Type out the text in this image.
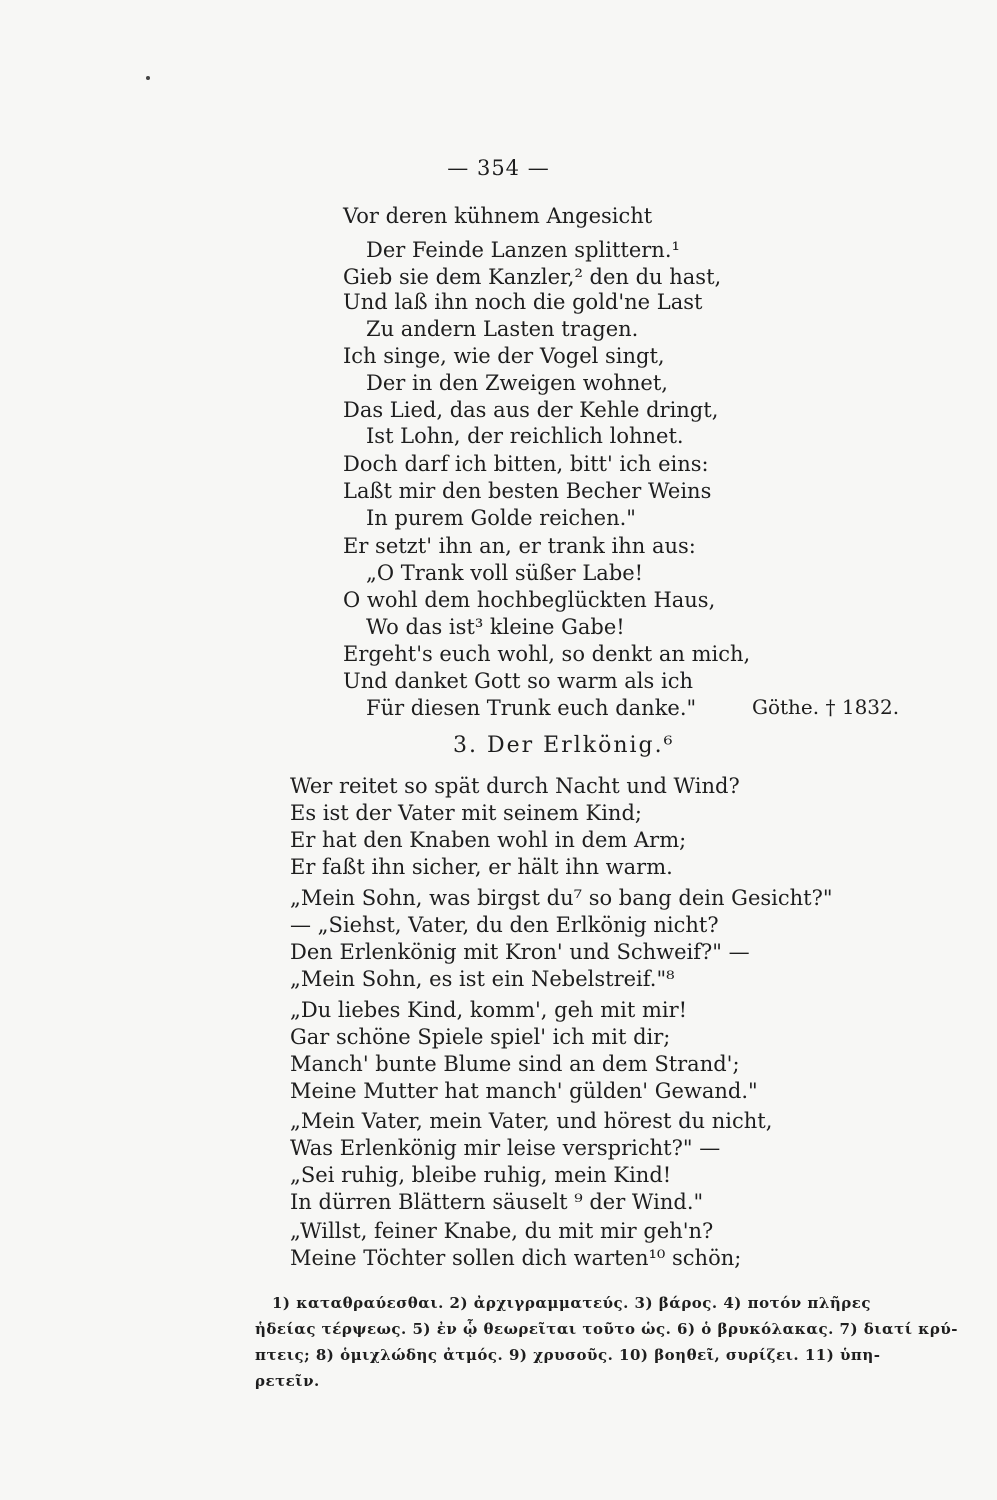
— 354 —
Vor deren kühnem Angesicht
Der Feinde Lanzen splittern.¹
Gieb sie dem Kanzler,² den du hast,
Und laß ihn noch die gold'ne Last
Zu andern Lasten tragen.
Ich singe, wie der Vogel singt,
Der in den Zweigen wohnet,
Das Lied, das aus der Kehle dringt,
Ist Lohn, der reichlich lohnet.
Doch darf ich bitten, bitt' ich eins:
Laßt mir den besten Becher Weins
In purem Golde reichen."
Er setzt' ihn an, er trank ihn aus:
„O Trank voll süßer Labe!
O wohl dem hochbeglückten Haus,
Wo das ist³ kleine Gabe!
Ergeht's euch wohl, so denkt an mich,
Und danket Gott so warm als ich
Für diesen Trunk euch danke."	Göthe. † 1832.
3. Der Erlkönig.⁶
Wer reitet so spät durch Nacht und Wind?
Es ist der Vater mit seinem Kind;
Er hat den Knaben wohl in dem Arm;
Er faßt ihn sicher, er hält ihn warm.
„Mein Sohn, was birgst du⁷ so bang dein Gesicht?"
— „Siehst, Vater, du den Erlkönig nicht?
Den Erlenkönig mit Kron' und Schweif?" —
„Mein Sohn, es ist ein Nebelstreif."⁸
„Du liebes Kind, komm', geh mit mir!
Gar schöne Spiele spiel' ich mit dir;
Manch' bunte Blume sind an dem Strand';
Meine Mutter hat manch' gülden' Gewand."
„Mein Vater, mein Vater, und hörest du nicht,
Was Erlenkönig mir leise verspricht?" —
„Sei ruhig, bleibe ruhig, mein Kind!
In dürren Blättern säuselt ⁹ der Wind."
„Willst, feiner Knabe, du mit mir geh'n?
Meine Töchter sollen dich warten¹⁰ schön;
1) καταθραύεσθαι. 2) ἀρχιγραμματεύς. 3) βάρος. 4) ποτόν πλῆρες
ἡδείας τέρψεως. 5) ἐν ᾧ θεωρεῖται τοῦτο ὡς. 6) ὁ βρυκόλακας. 7) διατί κρύ-
πτεις; 8) ὁμιχλώδης ἀτμός. 9) χρυσοῦς. 10) βοηθεῖ, συρίζει. 11) ὑπη-
ρετεῖν.
